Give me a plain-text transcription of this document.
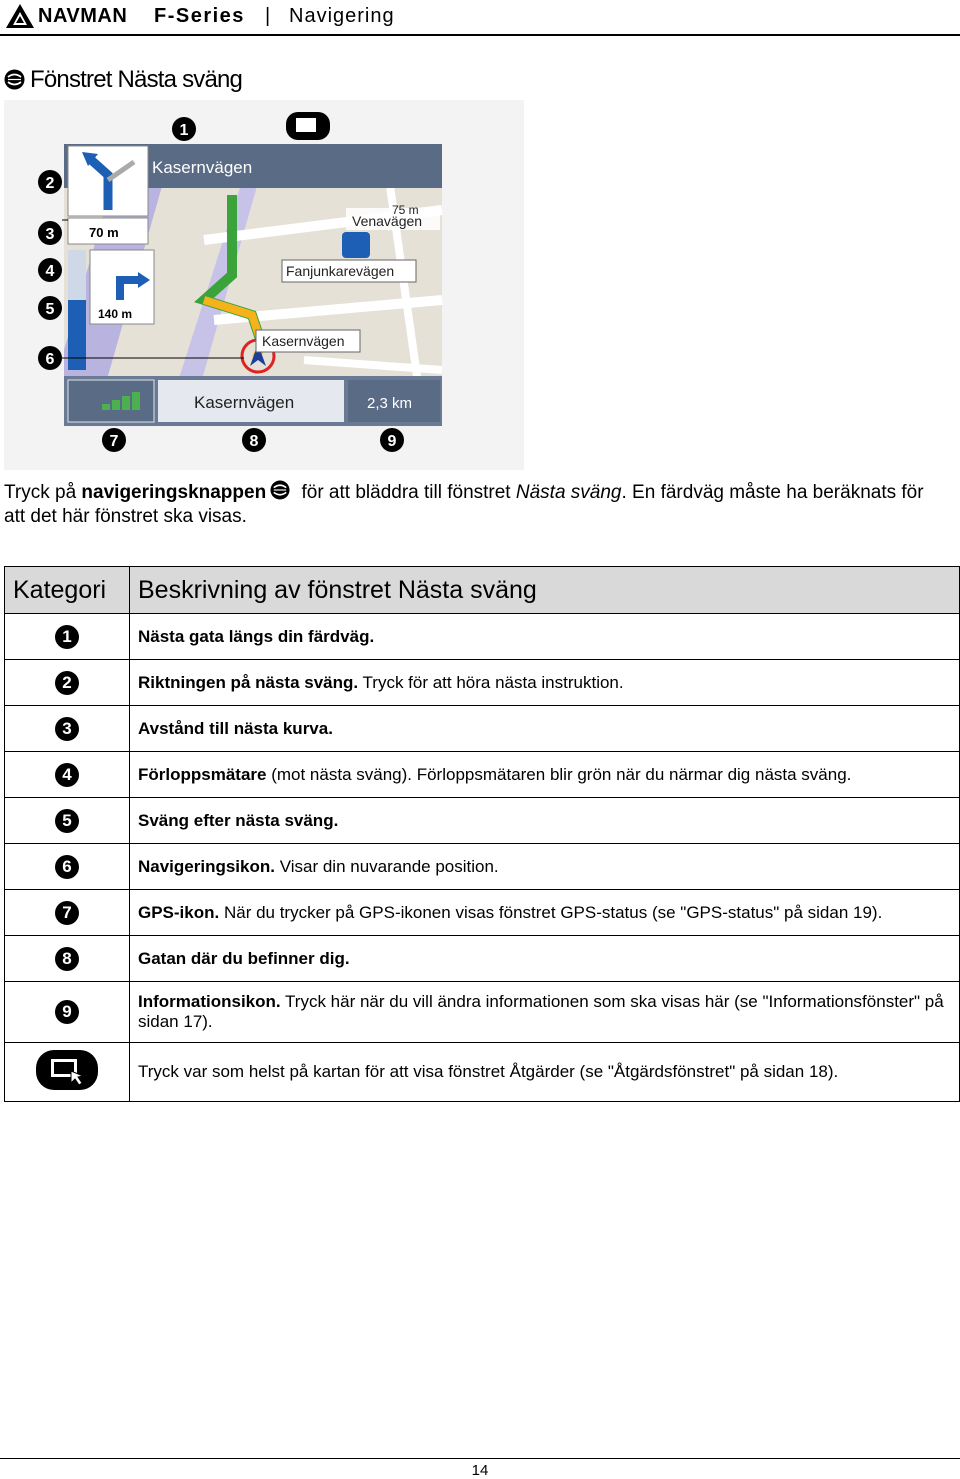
NAVMAN F-Series | Navigering
Fönstret Nästa sväng
Kasernvägen
70 m
140 m
75 m
Venavägen
Fanjunkarevägen
Kasernvägen
Kasernvägen	2,3 km
1
2
3
4
5
6
7	8	9
Tryck på navigeringsknappen för att bläddra till fönstret Nästa sväng. En färdväg måste ha beräknats för att det här fönstret ska visas.
Kategori	Beskrivning av fönstret Nästa sväng
1	Nästa gata längs din färdväg.
2	Riktningen på nästa sväng. Tryck för att höra nästa instruktion.
3	Avstånd till nästa kurva.
4	Förloppsmätare (mot nästa sväng). Förloppsmätaren blir grön när du närmar dig nästa sväng.
5	Sväng efter nästa sväng.
6	Navigeringsikon. Visar din nuvarande position.
7	GPS-ikon. När du trycker på GPS-ikonen visas fönstret GPS-status (se "GPS-status" på sidan 19).
8	Gatan där du befinner dig.
9	Informationsikon. Tryck här när du vill ändra informationen som ska visas här (se "Informationsfönster" på sidan 17).
	Tryck var som helst på kartan för att visa fönstret Åtgärder (se "Åtgärdsfönstret" på sidan 18).
14
